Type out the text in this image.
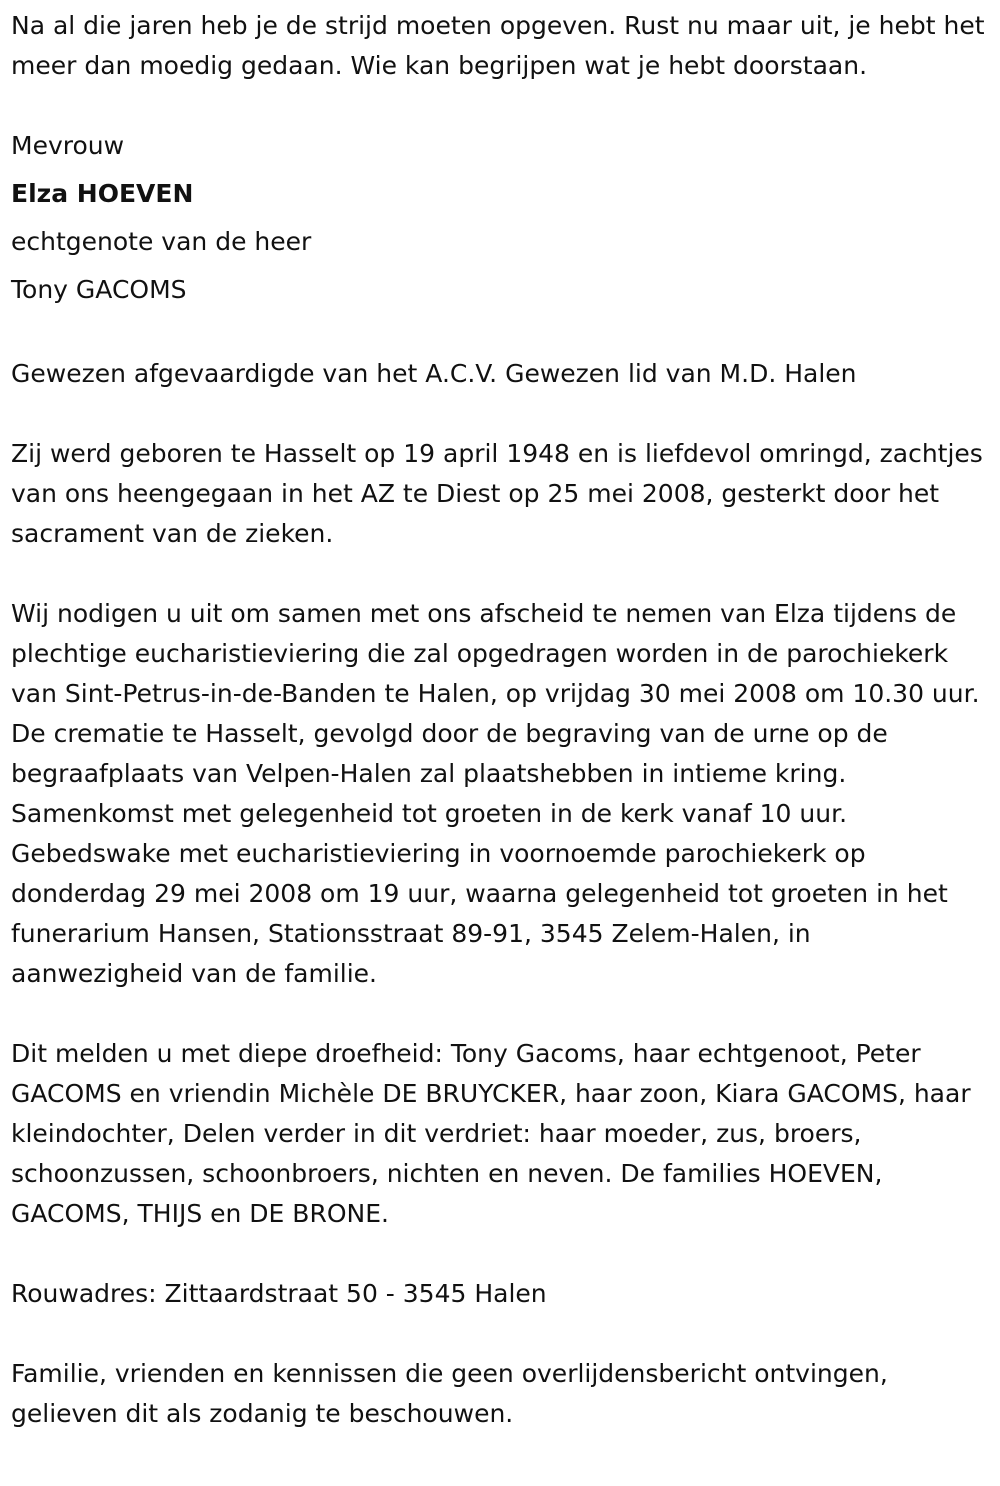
Na al die jaren heb je de strijd moeten opgeven. Rust nu maar uit, je hebt het meer dan moedig gedaan. Wie kan begrijpen wat je hebt doorstaan.

Mevrouw

Elza HOEVEN

echtgenote van de heer

Tony GACOMS

Gewezen afgevaardigde van het A.C.V. Gewezen lid van M.D. Halen

Zij werd geboren te Hasselt op 19 april 1948 en is liefdevol omringd, zachtjes van ons heengegaan in het AZ te Diest op 25 mei 2008, gesterkt door het sacrament van de zieken.

Wij nodigen u uit om samen met ons afscheid te nemen van Elza tijdens de plechtige eucharistieviering die zal opgedragen worden in de parochiekerk van Sint-Petrus-in-de-Banden te Halen, op vrijdag 30 mei 2008 om 10.30 uur. De crematie te Hasselt, gevolgd door de begraving van de urne op de begraafplaats van Velpen-Halen zal plaatshebben in intieme kring. Samenkomst met gelegenheid tot groeten in de kerk vanaf 10 uur. Gebedswake met eucharistieviering in voornoemde parochiekerk op donderdag 29 mei 2008 om 19 uur, waarna gelegenheid tot groeten in het funerarium Hansen, Stationsstraat 89-91, 3545 Zelem-Halen, in aanwezigheid van de familie.

Dit melden u met diepe droefheid: Tony Gacoms, haar echtgenoot, Peter GACOMS en vriendin Michèle DE BRUYCKER, haar zoon, Kiara GACOMS, haar kleindochter, Delen verder in dit verdriet: haar moeder, zus, broers, schoonzussen, schoonbroers, nichten en neven. De families HOEVEN, GACOMS, THIJS en DE BRONE.

Rouwadres: Zittaardstraat 50 - 3545 Halen

Familie, vrienden en kennissen die geen overlijdensbericht ontvingen, gelieven dit als zodanig te beschouwen.
